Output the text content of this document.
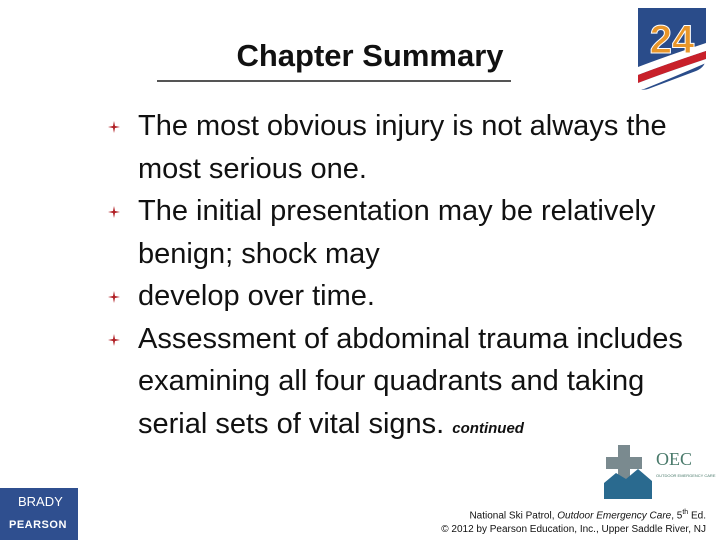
Chapter Summary	24
The most obvious injury is not always the most serious one.
The initial presentation may be relatively benign; shock may
develop over time.
Assessment of abdominal trauma includes examining all four quadrants and taking serial sets of vital signs. continued
OEC
OUTDOOR EMERGENCY CARE
BRADY
PEARSON
National Ski Patrol, Outdoor Emergency Care, 5th Ed.
© 2012 by Pearson Education, Inc., Upper Saddle River, NJ
